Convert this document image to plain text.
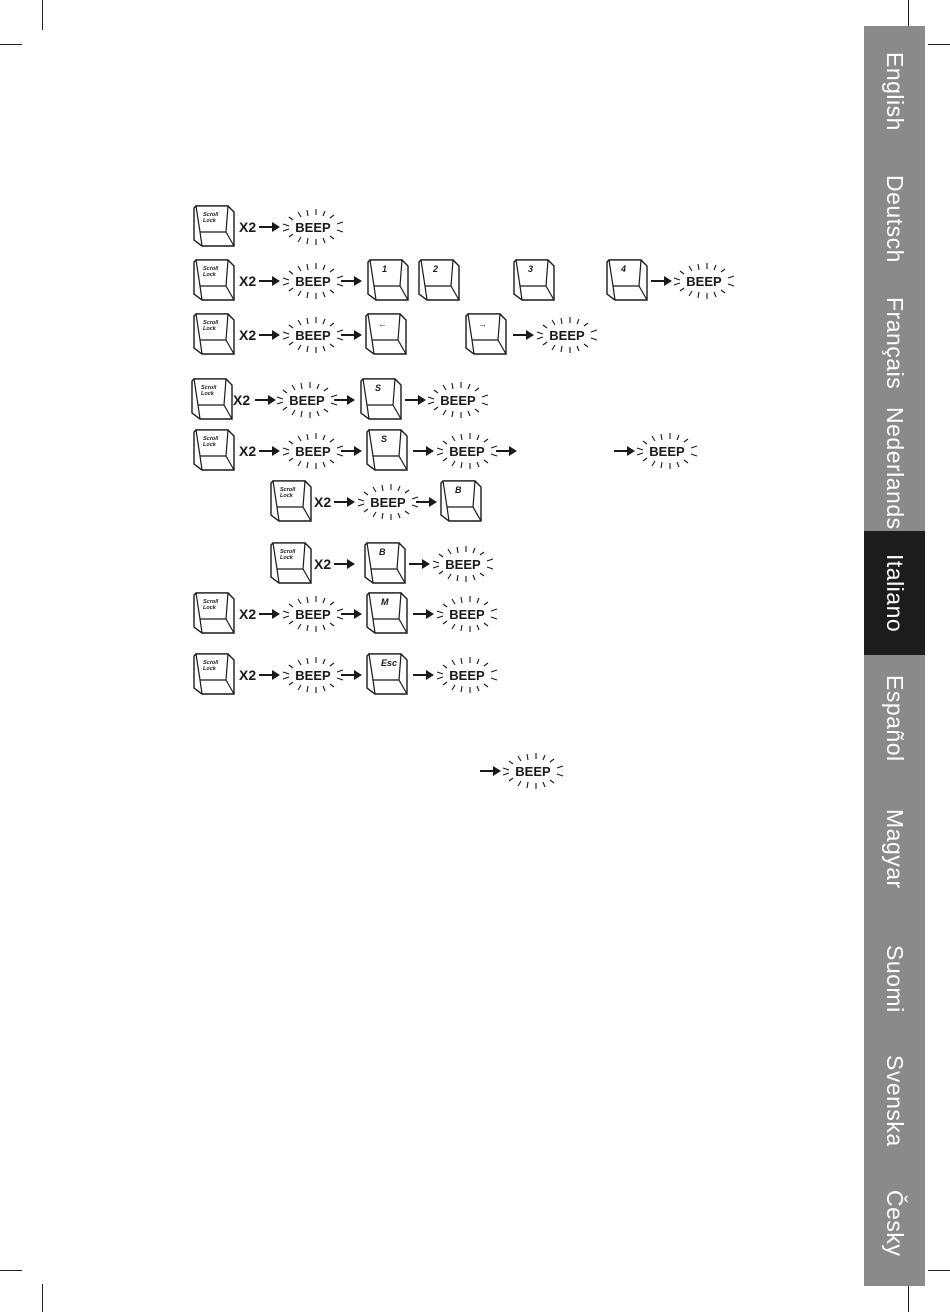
Scroll
Lock X2	BEEP
Scroll
Lock X2	BEEP
1	2	3	4
BEEP
Scroll
Lock X2	BEEP
←	→
BEEP
Scroll
Lock X2	BEEP
S
BEEP
Scroll
Lock X2	BEEP
S
BEEP	BEEP
Scroll
Lock X2	BEEP
B
Scroll
Lock X2
B
BEEP
Scroll
Lock X2	BEEP
M
BEEP
Scroll
Lock X2	BEEP
Esc
BEEP
BEEP
English
Deutsch
Français
Nederlands
Italiano
Español
Magyar
Suomi
Svenska
Česky
